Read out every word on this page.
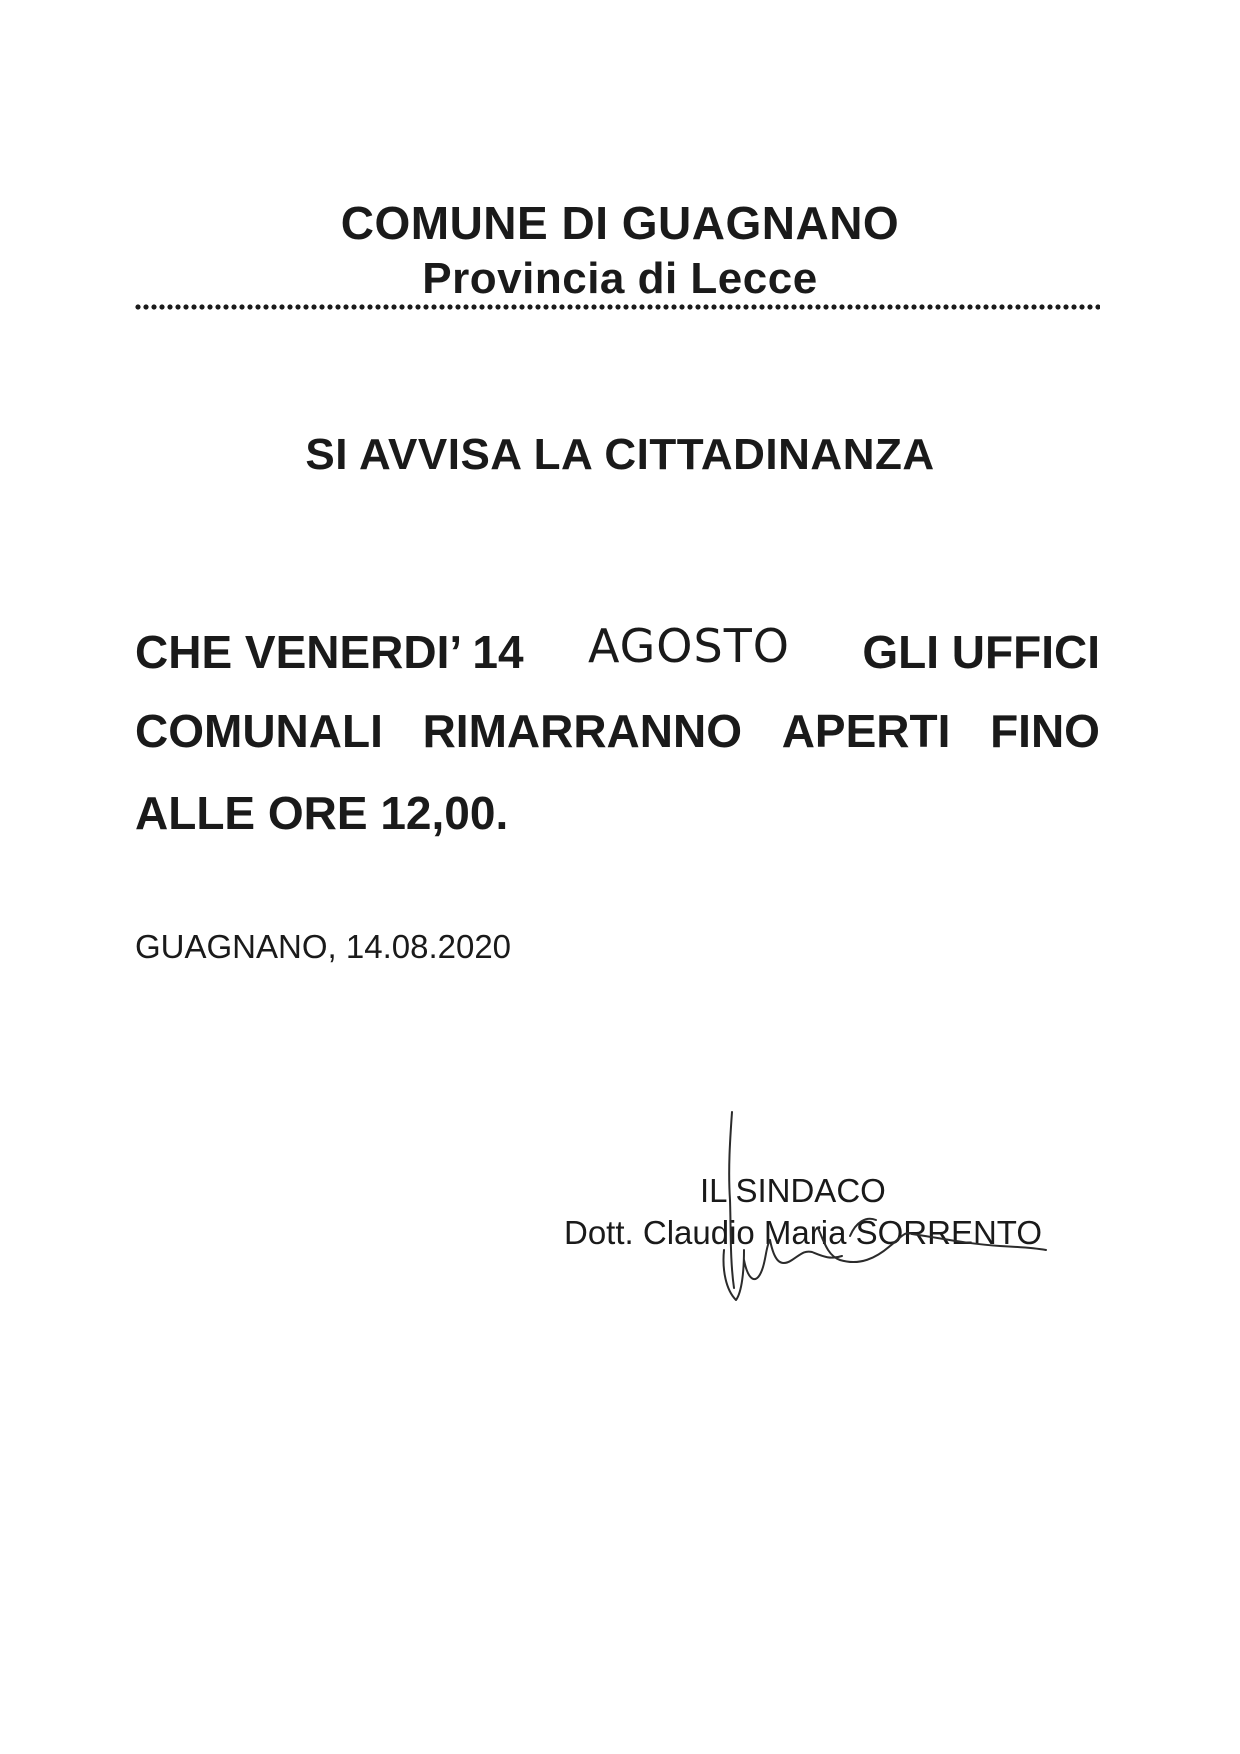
COMUNE DI GUAGNANO
Provincia di Lecce
SI AVVISA LA CITTADINANZA
CHE VENERDI’ 14 AGOSTO GLI UFFICI
COMUNALI RIMARRANNO APERTI FINO
ALLE ORE 12,00.
GUAGNANO, 14.08.2020
IL SINDACO
Dott. Claudio Maria SORRENTO
